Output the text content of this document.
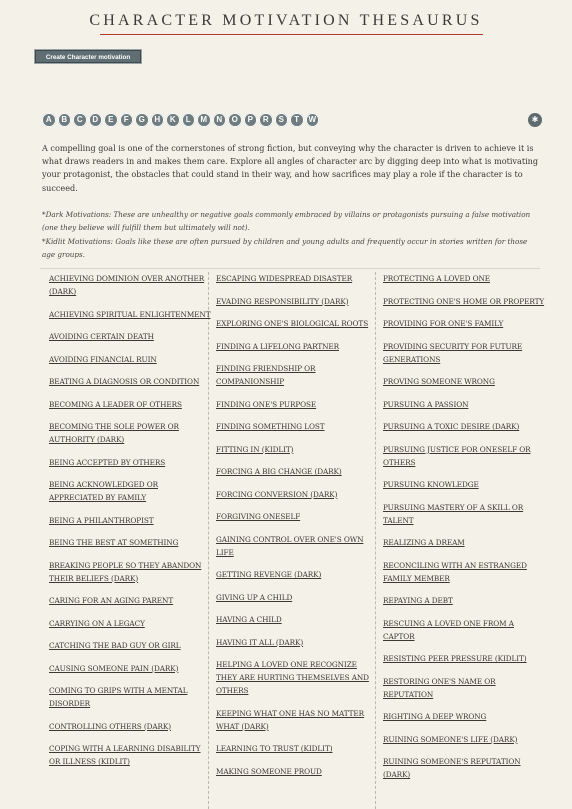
CHARACTER MOTIVATION THESAURUS
Create Character motivation
A	B	C	D	E	F	G	H	K	L	M	N	O	P	R	S	T	W	✱
A compelling goal is one of the cornerstones of strong fiction, but conveying why the character is driven to achieve it is what draws readers in and makes them care. Explore all angles of character arc by digging deep into what is motivating your protagonist, the obstacles that could stand in their way, and how sacrifices may play a role if the character is to succeed.
*Dark Motivations: These are unhealthy or negative goals commonly embraced by villains or protagonists pursuing a false motivation (one they believe will fulfill them but ultimately will not).
*Kidlit Motivations: Goals like these are often pursued by children and young adults and frequently occur in stories written for those age groups.
ACHIEVING DOMINION OVER ANOTHER (DARK)
ACHIEVING SPIRITUAL ENLIGHTENMENT
AVOIDING CERTAIN DEATH
AVOIDING FINANCIAL RUIN
BEATING A DIAGNOSIS OR CONDITION
BECOMING A LEADER OF OTHERS
BECOMING THE SOLE POWER OR AUTHORITY (DARK)
BEING ACCEPTED BY OTHERS
BEING ACKNOWLEDGED OR APPRECIATED BY FAMILY
BEING A PHILANTHROPIST
BEING THE BEST AT SOMETHING
BREAKING PEOPLE SO THEY ABANDON THEIR BELIEFS (DARK)
CARING FOR AN AGING PARENT
CARRYING ON A LEGACY
CATCHING THE BAD GUY OR GIRL
CAUSING SOMEONE PAIN (DARK)
COMING TO GRIPS WITH A MENTAL DISORDER
CONTROLLING OTHERS (DARK)
COPING WITH A LEARNING DISABILITY OR ILLNESS (KIDLIT)
ESCAPING WIDESPREAD DISASTER
EVADING RESPONSIBILITY (DARK)
EXPLORING ONE'S BIOLOGICAL ROOTS
FINDING A LIFELONG PARTNER
FINDING FRIENDSHIP OR COMPANIONSHIP
FINDING ONE'S PURPOSE
FINDING SOMETHING LOST
FITTING IN (KIDLIT)
FORCING A BIG CHANGE (DARK)
FORCING CONVERSION (DARK)
FORGIVING ONESELF
GAINING CONTROL OVER ONE'S OWN LIFE
GETTING REVENGE (DARK)
GIVING UP A CHILD
HAVING A CHILD
HAVING IT ALL (DARK)
HELPING A LOVED ONE RECOGNIZE THEY ARE HURTING THEMSELVES AND OTHERS
KEEPING WHAT ONE HAS NO MATTER WHAT (DARK)
LEARNING TO TRUST (KIDLIT)
MAKING SOMEONE PROUD
PROTECTING A LOVED ONE
PROTECTING ONE'S HOME OR PROPERTY
PROVIDING FOR ONE'S FAMILY
PROVIDING SECURITY FOR FUTURE GENERATIONS
PROVING SOMEONE WRONG
PURSUING A PASSION
PURSUING A TOXIC DESIRE (DARK)
PURSUING JUSTICE FOR ONESELF OR OTHERS
PURSUING KNOWLEDGE
PURSUING MASTERY OF A SKILL OR TALENT
REALIZING A DREAM
RECONCILING WITH AN ESTRANGED FAMILY MEMBER
REPAYING A DEBT
RESCUING A LOVED ONE FROM A CAPTOR
RESISTING PEER PRESSURE (KIDLIT)
RESTORING ONE'S NAME OR REPUTATION
RIGHTING A DEEP WRONG
RUINING SOMEONE'S LIFE (DARK)
RUINING SOMEONE'S REPUTATION (DARK)
